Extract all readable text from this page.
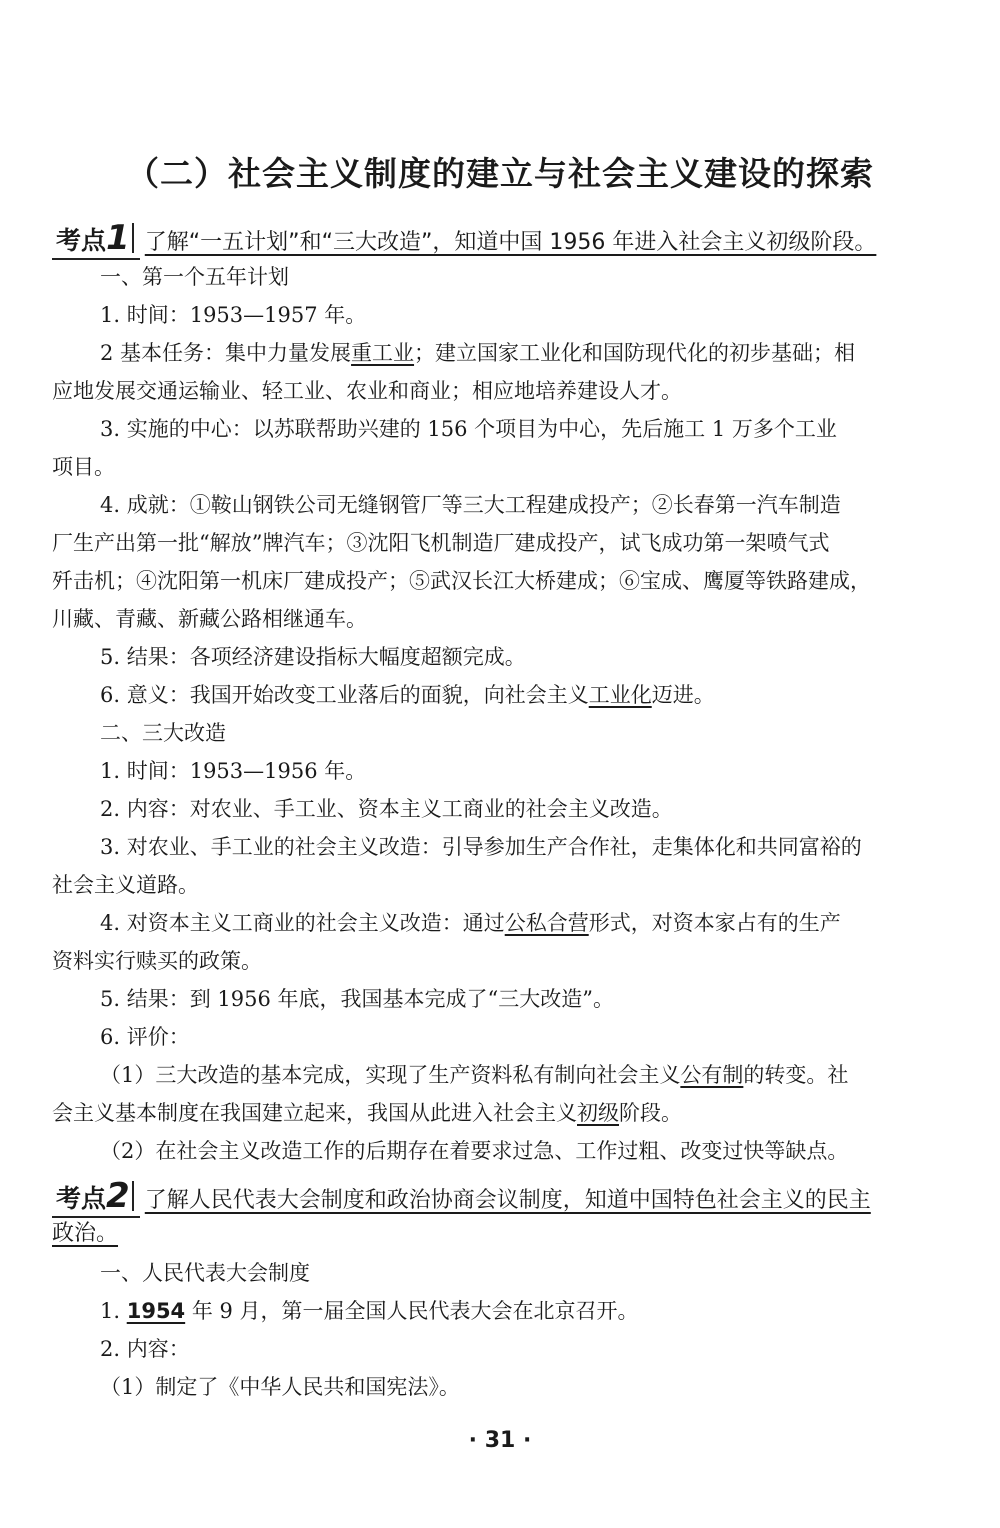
（二）社会主义制度的建立与社会主义建设的探索
考点1 了解“一五计划”和“三大改造”，知道中国 1956 年进入社会主义初级阶段。
一、第一个五年计划
1. 时间：1953—1957 年。
2 基本任务：集中力量发展重工业；建立国家工业化和国防现代化的初步基础；相
应地发展交通运输业、轻工业、农业和商业；相应地培养建设人才。
3. 实施的中心：以苏联帮助兴建的 156 个项目为中心，先后施工 1 万多个工业
项目。
4. 成就：①鞍山钢铁公司无缝钢管厂等三大工程建成投产；②长春第一汽车制造
厂生产出第一批“解放”牌汽车；③沈阳飞机制造厂建成投产，试飞成功第一架喷气式
歼击机；④沈阳第一机床厂建成投产；⑤武汉长江大桥建成；⑥宝成、鹰厦等铁路建成，
川藏、青藏、新藏公路相继通车。
5. 结果：各项经济建设指标大幅度超额完成。
6. 意义：我国开始改变工业落后的面貌，向社会主义工业化迈进。
二、三大改造
1. 时间：1953—1956 年。
2. 内容：对农业、手工业、资本主义工商业的社会主义改造。
3. 对农业、手工业的社会主义改造：引导参加生产合作社，走集体化和共同富裕的
社会主义道路。
4. 对资本主义工商业的社会主义改造：通过公私合营形式，对资本家占有的生产
资料实行赎买的政策。
5. 结果：到 1956 年底，我国基本完成了“三大改造”。
6. 评价：
（1）三大改造的基本完成，实现了生产资料私有制向社会主义公有制的转变。社
会主义基本制度在我国建立起来，我国从此进入社会主义初级阶段。
（2）在社会主义改造工作的后期存在着要求过急、工作过粗、改变过快等缺点。
考点2 了解人民代表大会制度和政治协商会议制度，知道中国特色社会主义的民主
政治。
一、人民代表大会制度
1. 1954 年 9 月，第一届全国人民代表大会在北京召开。
2. 内容：
（1）制定了《中华人民共和国宪法》。
· 31 ·
